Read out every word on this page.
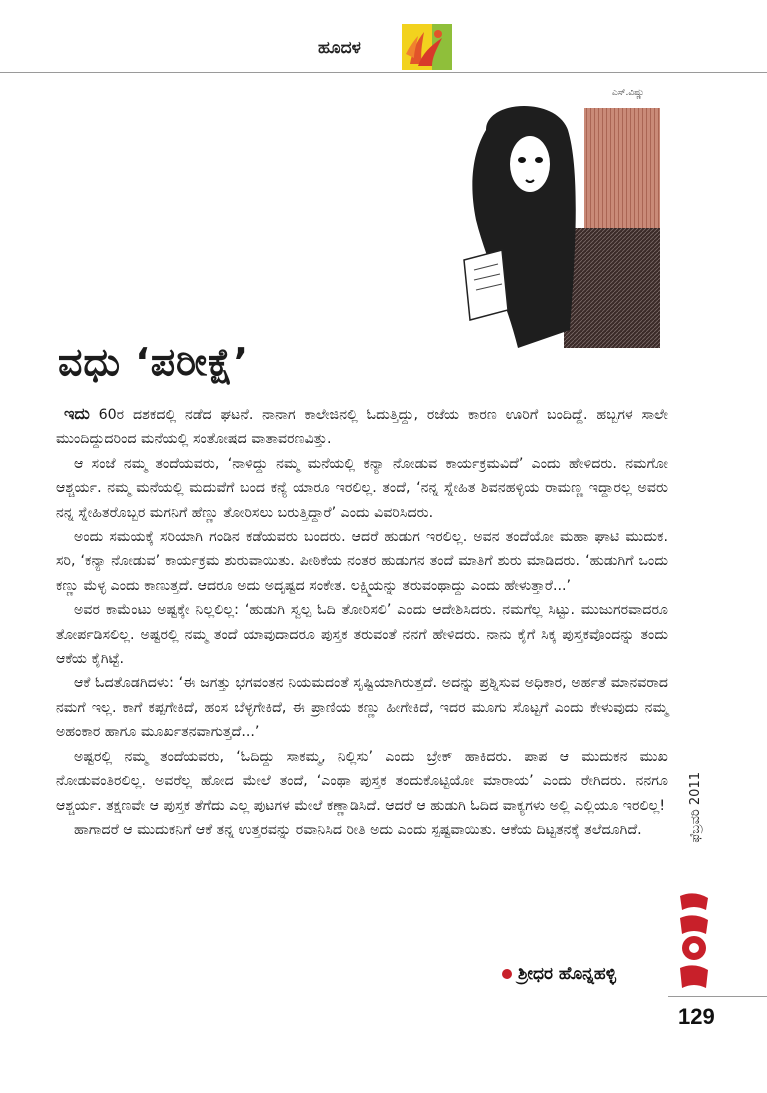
ಹೂದಳ
ಎಸ್.ವಿಷ್ಣು
ವಧು ‘ಪರೀಕ್ಷೆ’

ಇದು 60ರ ದಶಕದಲ್ಲಿ ನಡೆದ ಘಟನೆ. ನಾನಾಗ ಕಾಲೇಜಿನಲ್ಲಿ ಓದುತ್ತಿದ್ದು, ರಜೆಯ ಕಾರಣ ಊರಿಗೆ ಬಂದಿದ್ದೆ. ಹಬ್ಬಗಳ ಸಾಲೇ ಮುಂದಿದ್ದುದರಿಂದ ಮನೆಯಲ್ಲಿ ಸಂತೋಷದ ವಾತಾವರಣವಿತ್ತು.

ಆ ಸಂಜೆ ನಮ್ಮ ತಂದೆಯವರು, ‘ನಾಳಿದ್ದು ನಮ್ಮ ಮನೆಯಲ್ಲಿ ಕನ್ಯಾ ನೋಡುವ ಕಾರ್ಯಕ್ರಮವಿದೆ’ ಎಂದು ಹೇಳಿದರು. ನಮಗೋ ಆಶ್ಚರ್ಯ. ನಮ್ಮ ಮನೆಯಲ್ಲಿ ಮದುವೆಗೆ ಬಂದ ಕನ್ಯೆ ಯಾರೂ ಇರಲಿಲ್ಲ. ತಂದೆ, ‘ನನ್ನ ಸ್ನೇಹಿತ ಶಿವನಹಳ್ಳಿಯ ರಾಮಣ್ಣ ಇದ್ದಾರಲ್ಲ ಅವರು ನನ್ನ ಸ್ನೇಹಿತರೊಬ್ಬರ ಮಗನಿಗೆ ಹೆಣ್ಣು ತೋರಿಸಲು ಬರುತ್ತಿದ್ದಾರೆ’ ಎಂದು ವಿವರಿಸಿದರು.

ಅಂದು ಸಮಯಕ್ಕೆ ಸರಿಯಾಗಿ ಗಂಡಿನ ಕಡೆಯವರು ಬಂದರು. ಆದರೆ ಹುಡುಗ ಇರಲಿಲ್ಲ. ಅವನ ತಂದೆಯೋ ಮಹಾ ಘಾಟಿ ಮುದುಕ. ಸರಿ, ‘ಕನ್ಯಾ ನೋಡುವ’ ಕಾರ್ಯಕ್ರಮ ಶುರುವಾಯಿತು. ಪೀಠಿಕೆಯ ನಂತರ ಹುಡುಗನ ತಂದೆ ಮಾತಿಗೆ ಶುರು ಮಾಡಿದರು. ‘ಹುಡುಗಿಗೆ ಒಂದು ಕಣ್ಣು ಮೆಳ್ಳ ಎಂದು ಕಾಣುತ್ತದೆ. ಆದರೂ ಅದು ಅದೃಷ್ಟದ ಸಂಕೇತ. ಲಕ್ಷ್ಮಿಯನ್ನು ತರುವಂಥಾದ್ದು ಎಂದು ಹೇಳುತ್ತಾರೆ...’

ಅವರ ಕಾಮೆಂಟು ಅಷ್ಟಕ್ಕೇ ನಿಲ್ಲಲಿಲ್ಲ: ‘ಹುಡುಗಿ ಸ್ವಲ್ಪ ಓದಿ ತೋರಿಸಲಿ’ ಎಂದು ಆದೇಶಿಸಿದರು. ನಮಗೆಲ್ಲ ಸಿಟ್ಟು. ಮುಜುಗರವಾದರೂ ತೋರ್ಪಡಿಸಲಿಲ್ಲ. ಅಷ್ಟರಲ್ಲಿ ನಮ್ಮ ತಂದೆ ಯಾವುದಾದರೂ ಪುಸ್ತಕ ತರುವಂತೆ ನನಗೆ ಹೇಳಿದರು. ನಾನು ಕೈಗೆ ಸಿಕ್ಕ ಪುಸ್ತಕವೊಂದನ್ನು ತಂದು ಆಕೆಯ ಕೈಗಿಟ್ಟೆ.

ಆಕೆ ಓದತೊಡಗಿದಳು: ‘ಈ ಜಗತ್ತು ಭಗವಂತನ ನಿಯಮದಂತೆ ಸೃಷ್ಟಿಯಾಗಿರುತ್ತದೆ. ಅದನ್ನು ಪ್ರಶ್ನಿಸುವ ಅಧಿಕಾರ, ಅರ್ಹತೆ ಮಾನವರಾದ ನಮಗೆ ಇಲ್ಲ. ಕಾಗೆ ಕಪ್ಪಗೇಕಿದೆ, ಹಂಸ ಬೆಳ್ಳಗೇಕಿದೆ, ಈ ಪ್ರಾಣಿಯ ಕಣ್ಣು ಹೀಗೇಕಿದೆ, ಇದರ ಮೂಗು ಸೊಟ್ಟಗೆ ಎಂದು ಕೇಳುವುದು ನಮ್ಮ ಅಹಂಕಾರ ಹಾಗೂ ಮೂರ್ಖತನವಾಗುತ್ತದೆ...’

ಅಷ್ಟರಲ್ಲಿ ನಮ್ಮ ತಂದೆಯವರು, ‘ಓದಿದ್ದು ಸಾಕಮ್ಮ, ನಿಲ್ಲಿಸು’ ಎಂದು ಬ್ರೇಕ್ ಹಾಕಿದರು. ಪಾಪ ಆ ಮುದುಕನ ಮುಖ ನೋಡುವಂತಿರಲಿಲ್ಲ. ಅವರೆಲ್ಲ ಹೋದ ಮೇಲೆ ತಂದೆ, ‘ಎಂಥಾ ಪುಸ್ತಕ ತಂದುಕೊಟ್ಟಿಯೋ ಮಾರಾಯ’ ಎಂದು ರೇಗಿದರು. ನನಗೂ ಆಶ್ಚರ್ಯ. ತಕ್ಷಣವೇ ಆ ಪುಸ್ತಕ ತೆಗೆದು ಎಲ್ಲ ಪುಟಗಳ ಮೇಲೆ ಕಣ್ಣಾಡಿಸಿದೆ. ಆದರೆ ಆ ಹುಡುಗಿ ಓದಿದ ವಾಕ್ಯಗಳು ಅಲ್ಲಿ ಎಲ್ಲಿಯೂ ಇರಲಿಲ್ಲ!

ಹಾಗಾದರೆ ಆ ಮುದುಕನಿಗೆ ಆಕೆ ತನ್ನ ಉತ್ತರವನ್ನು ರವಾನಿಸಿದ ರೀತಿ ಅದು ಎಂದು ಸ್ಪಷ್ಟವಾಯಿತು. ಆಕೆಯ ದಿಟ್ಟತನಕ್ಕೆ ತಲೆದೂಗಿದೆ.

ಶ್ರೀಧರ ಹೊನ್ನಹಳ್ಳಿ
ಫೆಬ್ರವರಿ 2011
129
